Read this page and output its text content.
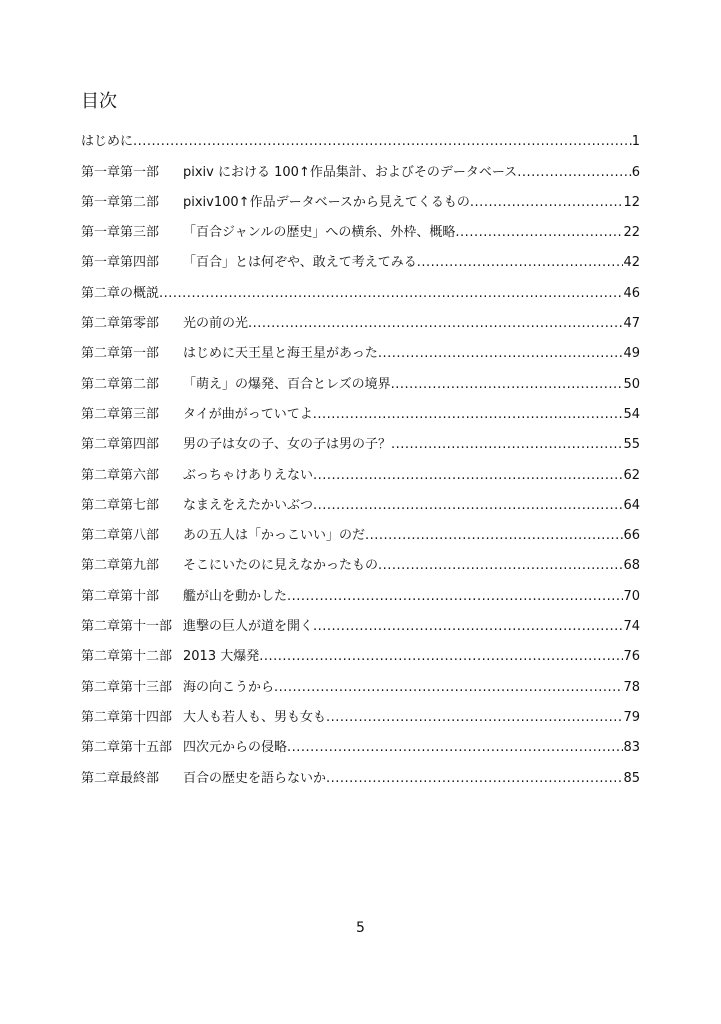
目次
はじめに .....	1
第一章第一部 pixiv における 100↑作品集計、およびそのデータベース .....	6
第一章第二部 pixiv100↑作品データベースから見えてくるもの .....	12
第一章第三部 「百合ジャンルの歴史」への横糸、外枠、概略 .....	22
第一章第四部 「百合」とは何ぞや、敢えて考えてみる .....	42
第二章の概説 .....	46
第二章第零部 光の前の光 .....	47
第二章第一部 はじめに天王星と海王星があった .....	49
第二章第二部 「萌え」の爆発、百合とレズの境界 .....	50
第二章第三部 タイが曲がっていてよ .....	54
第二章第四部 男の子は女の子、女の子は男の子？ .....	55
第二章第六部 ぶっちゃけありえない .....	62
第二章第七部 なまえをえたかいぶつ .....	64
第二章第八部 あの五人は「かっこいい」のだ .....	66
第二章第九部 そこにいたのに見えなかったもの .....	68
第二章第十部 艦が山を動かした .....	70
第二章第十一部 進撃の巨人が道を開く .....	74
第二章第十二部 2013 大爆発 .....	76
第二章第十三部 海の向こうから .....	78
第二章第十四部 大人も若人も、男も女も .....	79
第二章第十五部 四次元からの侵略 .....	83
第二章最終部 百合の歴史を語らないか .....	85

5
